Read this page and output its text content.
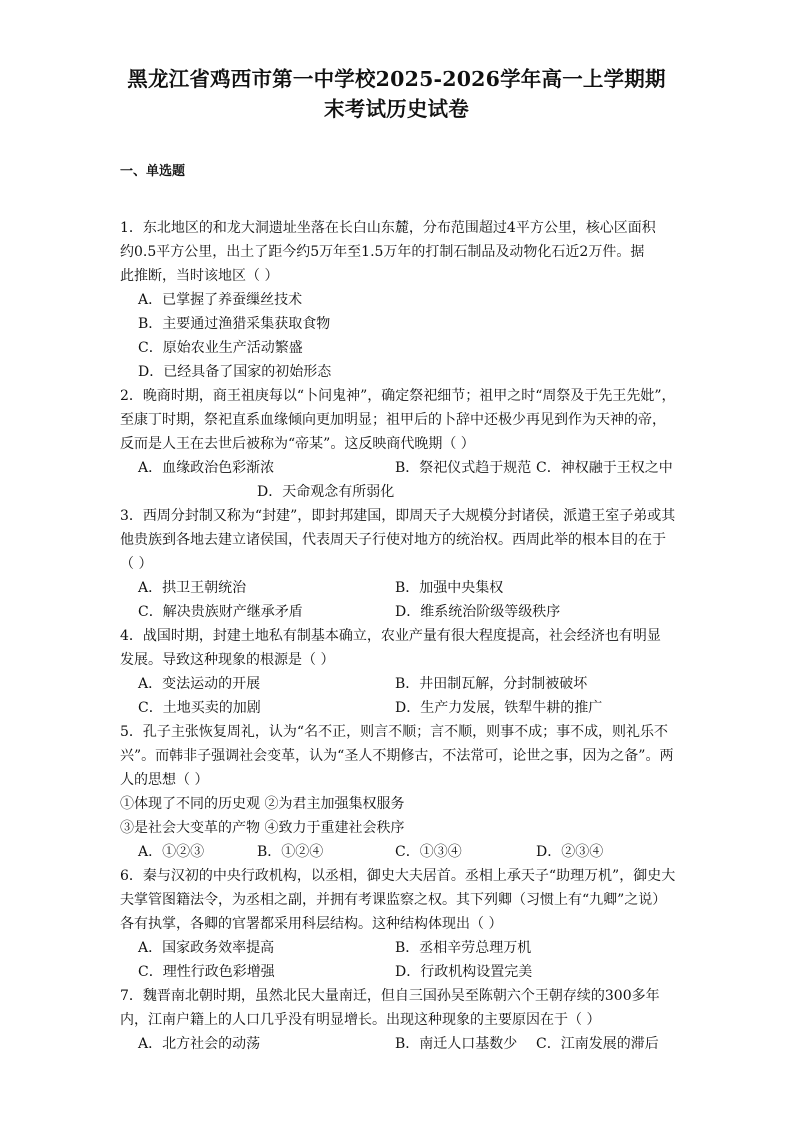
黑龙江省鸡西市第一中学校2025-2026学年高一上学期期
末考试历史试卷
一、单选题
1．东北地区的和龙大洞遗址坐落在长白山东麓，分布范围超过4平方公里，核心区面积
约0.5平方公里，出土了距今约5万年至1.5万年的打制石制品及动物化石近2万件。据
此推断，当时该地区（ ）
A．已掌握了养蚕缫丝技术
B．主要通过渔猎采集获取食物
C．原始农业生产活动繁盛
D．已经具备了国家的初始形态
2．晚商时期，商王祖庚每以“卜问鬼神”，确定祭祀细节；祖甲之时“周祭及于先王先妣”，
至康丁时期，祭祀直系血缘倾向更加明显；祖甲后的卜辞中还极少再见到作为天神的帝，
反而是人王在去世后被称为“帝某”。这反映商代晚期（ ）
A．血缘政治色彩渐浓	B．祭祀仪式趋于规范 C．神权融于王权之中
D．天命观念有所弱化
3．西周分封制又称为“封建”，即封邦建国，即周天子大规模分封诸侯，派遣王室子弟或其
他贵族到各地去建立诸侯国，代表周天子行使对地方的统治权。西周此举的根本目的在于
（ ）
A．拱卫王朝统治	B．加强中央集权
C．解决贵族财产继承矛盾	D．维系统治阶级等级秩序
4．战国时期，封建土地私有制基本确立，农业产量有很大程度提高，社会经济也有明显
发展。导致这种现象的根源是（ ）
A．变法运动的开展	B．井田制瓦解，分封制被破坏
C．土地买卖的加剧	D．生产力发展，铁犁牛耕的推广
5．孔子主张恢复周礼，认为“名不正，则言不顺；言不顺，则事不成；事不成，则礼乐不
兴”。而韩非子强调社会变革，认为“圣人不期修古，不法常可，论世之事，因为之备”。两
人的思想（ ）
①体现了不同的历史观 ②为君主加强集权服务
③是社会大变革的产物 ④致力于重建社会秩序
A．①②③	B．①②④	C．①③④	D．②③④
6．秦与汉初的中央行政机构，以丞相，御史大夫居首。丞相上承天子“助理万机”，御史大
夫掌管图籍法令，为丞相之副，并拥有考课监察之权。其下列卿（习惯上有“九卿”之说）
各有执掌，各卿的官署都采用科层结构。这种结构体现出（ ）
A．国家政务效率提高	B．丞相辛劳总理万机
C．理性行政色彩增强	D．行政机构设置完美
7．魏晋南北朝时期，虽然北民大量南迁，但自三国孙吴至陈朝六个王朝存续的300多年
内，江南户籍上的人口几乎没有明显增长。出现这种现象的主要原因在于（ ）
A．北方社会的动荡	B．南迁人口基数少 C．江南发展的滞后
